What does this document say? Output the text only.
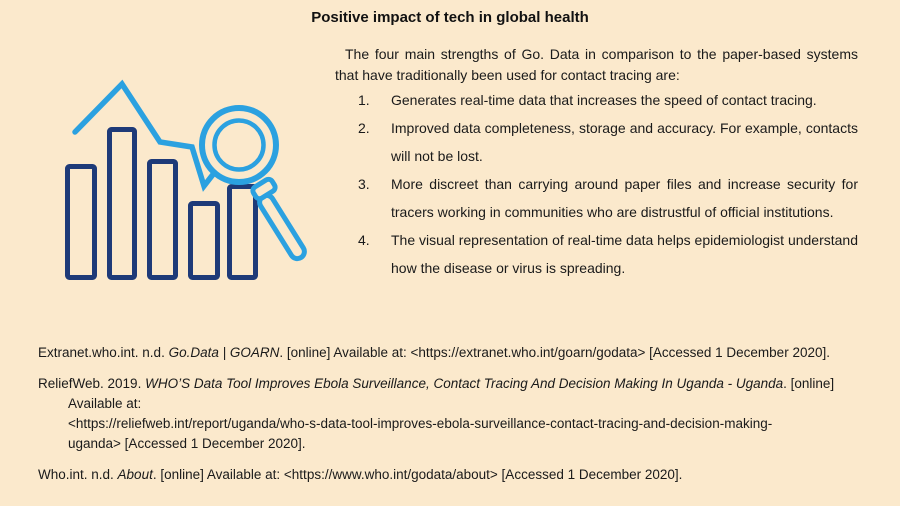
Positive impact of tech in global health

The four main strengths of Go. Data in comparison to the paper-based systems that have traditionally been used for contact tracing are:

1. Generates real-time data that increases the speed of contact tracing.
2. Improved data completeness, storage and accuracy. For example, contacts will not be lost.
3. More discreet than carrying around paper files and increase security for tracers working in communities who are distrustful of official institutions.
4. The visual representation of real-time data helps epidemiologist understand how the disease or virus is spreading.

Extranet.who.int. n.d. Go.Data | GOARN. [online] Available at: <https://extranet.who.int/goarn/godata> [Accessed 1 December 2020].

ReliefWeb. 2019. WHO’S Data Tool Improves Ebola Surveillance, Contact Tracing And Decision Making In Uganda - Uganda. [online] Available at:
<https://reliefweb.int/report/uganda/who-s-data-tool-improves-ebola-surveillance-contact-tracing-and-decision-making-
uganda> [Accessed 1 December 2020].

Who.int. n.d. About. [online] Available at: <https://www.who.int/godata/about> [Accessed 1 December 2020].
